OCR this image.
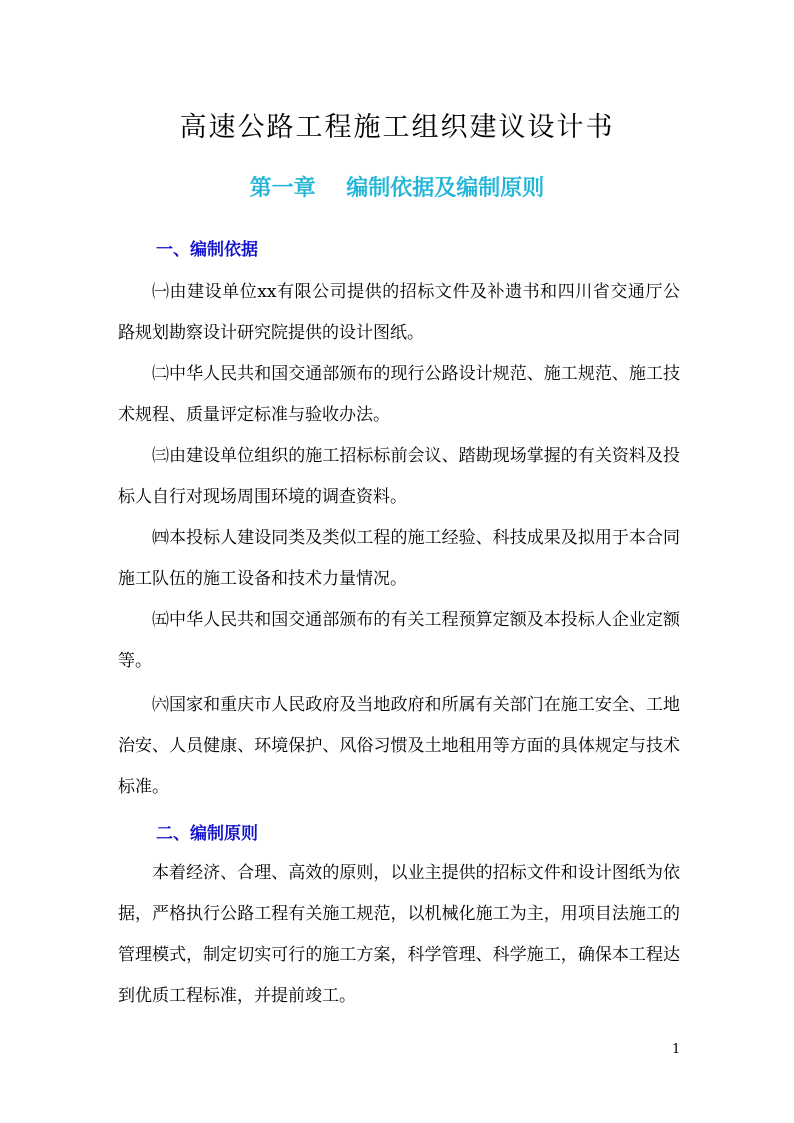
高速公路工程施工组织建议设计书
第一章    编制依据及编制原则
一、编制依据

㈠由建设单位xx有限公司提供的招标文件及补遗书和四川省交通厅公路规划勘察设计研究院提供的设计图纸。

㈡中华人民共和国交通部颁布的现行公路设计规范、施工规范、施工技术规程、质量评定标准与验收办法。

㈢由建设单位组织的施工招标标前会议、踏勘现场掌握的有关资料及投标人自行对现场周围环境的调查资料。

㈣本投标人建设同类及类似工程的施工经验、科技成果及拟用于本合同施工队伍的施工设备和技术力量情况。

㈤中华人民共和国交通部颁布的有关工程预算定额及本投标人企业定额等。

㈥国家和重庆市人民政府及当地政府和所属有关部门在施工安全、工地治安、人员健康、环境保护、风俗习惯及土地租用等方面的具体规定与技术标准。

二、编制原则

本着经济、合理、高效的原则，以业主提供的招标文件和设计图纸为依据，严格执行公路工程有关施工规范，以机械化施工为主，用项目法施工的管理模式，制定切实可行的施工方案，科学管理、科学施工，确保本工程达到优质工程标准，并提前竣工。

1
